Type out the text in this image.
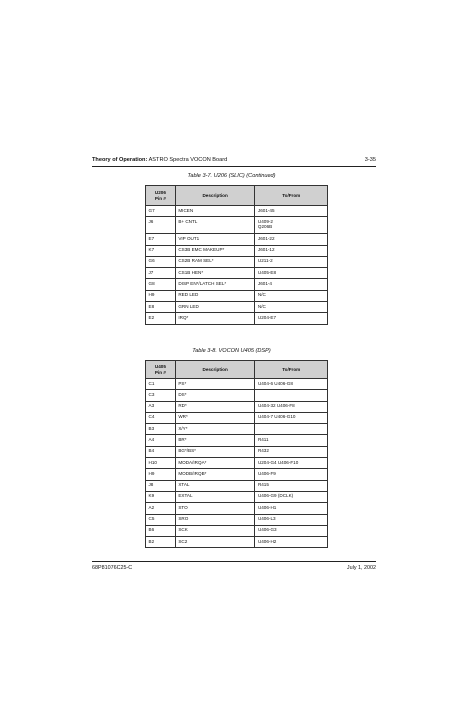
Theory of Operation: ASTRO Spectra VOCON Board	3-35
Table 3-7. U206 (SLIC) (Continued)
U206
Pin #	Description	To/From
G7	MICEN	J601-45
J6	B+ CNTL	U409-2
Q206B
E7	VIP OUT1	J601-22
K7	CS3B EMC MAKEUP*	J601-12
G6	CS2B RAM SEL*	U211-2
J7	CS1B HEN*	U405-E8
G8	DISP EN*/LATCH SEL*	J601-4
H9	RED LED	N/C
E8	GRN LED	N/C
E2	IRQ*	U204-E7
Table 3-8. VOCON U405 (DSP)
U405
Pin #	Description	To/From
C1	PS*	U404-6 U406-G8
C3	DS*	
A3	RD*	U404-32 U406-F8
C4	WR*	U404-7 U406-G10
B3	X/Y*	
A4	BR*	R411
B4	BG*/BS*	R432
H10	MODA/IRQA*	U204-G4 U406-F10
H9	MODB/IRQB*	U406-F9
J8	XTAL	R415
K9	EXTAL	U406-G9 (DCLK)
A2	STO	U406-H1
C5	SRO	U406-L3
B6	SCK	U406-G3
B2	SC2	U406-H2
68P81076C25-C	July 1, 2002
